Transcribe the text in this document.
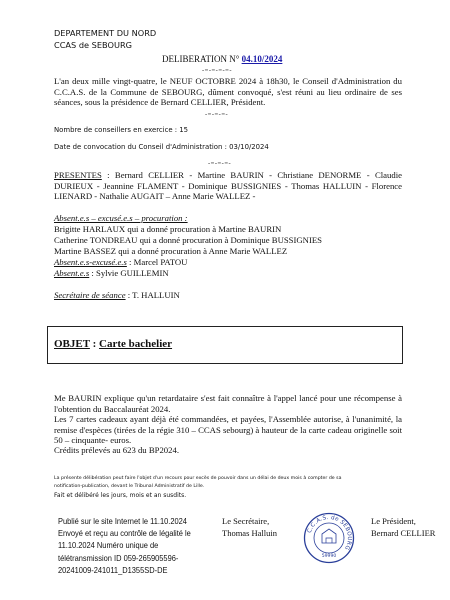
DEPARTEMENT DU NORD
CCAS de SEBOURG
DELIBERATION N° 04.10/2024
-=-=-=-=-
L'an deux mille vingt-quatre, le NEUF OCTOBRE 2024 à 18h30, le Conseil d'Administration du C.C.A.S. de la Commune de SEBOURG, dûment convoqué, s'est réuni au lieu ordinaire de ses séances, sous la présidence de Bernard CELLIER, Président.
-=-=-=-
Nombre de conseillers en exercice : 15
Date de convocation du Conseil d'Administration : 03/10/2024
-=-=-=-
PRESENTES : Bernard CELLIER - Martine BAURIN - Christiane DENORME - Claudie DURIEUX - Jeannine FLAMENT - Dominique BUSSIGNIES - Thomas HALLUIN - Florence LIENARD - Nathalie AUGAIT – Anne Marie WALLEZ -
Absent.e.s – excusé.e.s – procuration :
Brigitte HARLAUX qui a donné procuration à Martine BAURIN
Catherine TONDREAU qui a donné procuration à Dominique BUSSIGNIES
Martine BASSEZ qui a donné procuration à Anne Marie WALLEZ
Absent.e.s-excusé.e.s : Marcel PATOU
Absent.e.s : Sylvie GUILLEMIN
Secrétaire de séance : T. HALLUIN
OBJET : Carte bachelier
Me BAURIN explique qu'un retardataire s'est fait connaître à l'appel lancé pour une récompense à l'obtention du Baccalauréat 2024.
Les 7 cartes cadeaux ayant déjà été commandées, et payées, l'Assemblée autorise, à l'unanimité, la remise d'espèces (tirées de la régie 310 – CCAS sebourg) à hauteur de la carte cadeau originelle soit 50 – cinquante- euros.
Crédits prélevés au 623 du BP2024.
La présente délibération peut faire l'objet d'un recours pour excès de pouvoir dans un délai de deux mois à compter de sa
notification-publication, devant le Tribunal Administratif de Lille.
Fait et délibéré les jours, mois et an susdits.
Publié sur le site Internet le 11.10.2024
Envoyé et reçu au contrôle de légalité le
11.10.2024 Numéro unique de
télétransmission ID 059-265905596-
20241009-241011_D1355SD-DE
Le Secrétaire,
Thomas Halluin	C.C.A.S. de SEBOURG
59990
Le Président,
Bernard CELLIER
